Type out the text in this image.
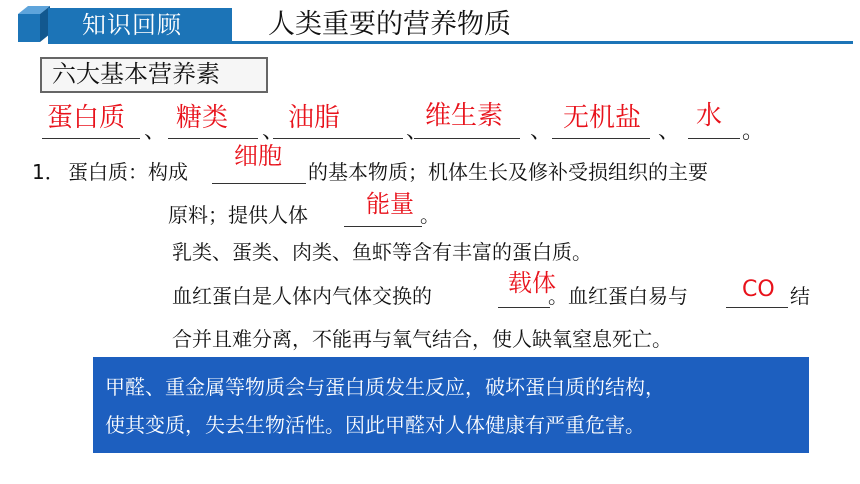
知识回顾	人类重要的营养物质
六大基本营养素
蛋白质 、 糖类 、 油脂	、
维生素
、 无机盐 、
水
。
1． 蛋白质：构成
细胞
的基本物质；机体生长及修补受损组织的主要
原料；提供人体 能量 。
乳类、蛋类、肉类、鱼虾等含有丰富的蛋白质。
血红蛋白是人体内气体交换的	载体
。血红蛋白易与 CO 结
合并且难分离，不能再与氧气结合，使人缺氧窒息死亡。
甲醛、重金属等物质会与蛋白质发生反应，破坏蛋白质的结构，
使其变质，失去生物活性。因此甲醛对人体健康有严重危害。
